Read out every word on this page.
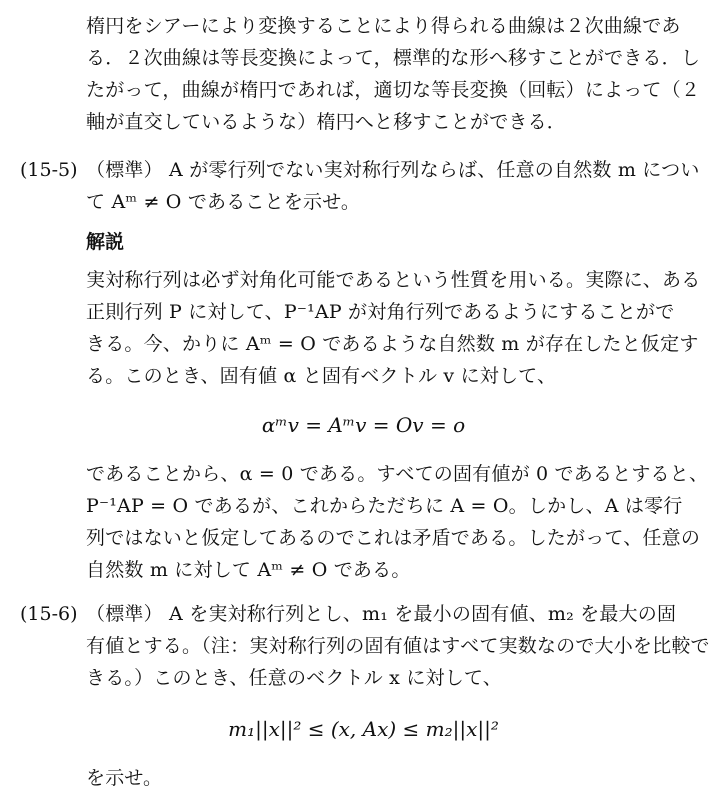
楕円をシアーにより変換することにより得られる曲線は２次曲線であ
る．２次曲線は等長変換によって，標準的な形へ移すことができる．し
たがって，曲線が楕円であれば，適切な等長変換（回転）によって（２
軸が直交しているような）楕円へと移すことができる．
(15-5) （標準） A が零行列でない実対称行列ならば、任意の自然数 m につい
て Aᵐ ≠ O であることを示せ。
解説
実対称行列は必ず対角化可能であるという性質を用いる。実際に、ある
正則行列 P に対して、P⁻¹AP が対角行列であるようにすることがで
きる。今、かりに Aᵐ = O であるような自然数 m が存在したと仮定す
る。このとき、固有値 α と固有ベクトル v に対して、
αᵐv = Aᵐv = Ov = o
であることから、α = 0 である。すべての固有値が 0 であるとすると、
P⁻¹AP = O であるが、これからただちに A = O。しかし、A は零行
列ではないと仮定してあるのでこれは矛盾である。したがって、任意の
自然数 m に対して Aᵐ ≠ O である。
(15-6) （標準） A を実対称行列とし、m₁ を最小の固有値、m₂ を最大の固
有値とする。（注：実対称行列の固有値はすべて実数なので大小を比較で
きる。）このとき、任意のベクトル x に対して、
m₁||x||² ≤ (x, Ax) ≤ m₂||x||²
を示せ。
